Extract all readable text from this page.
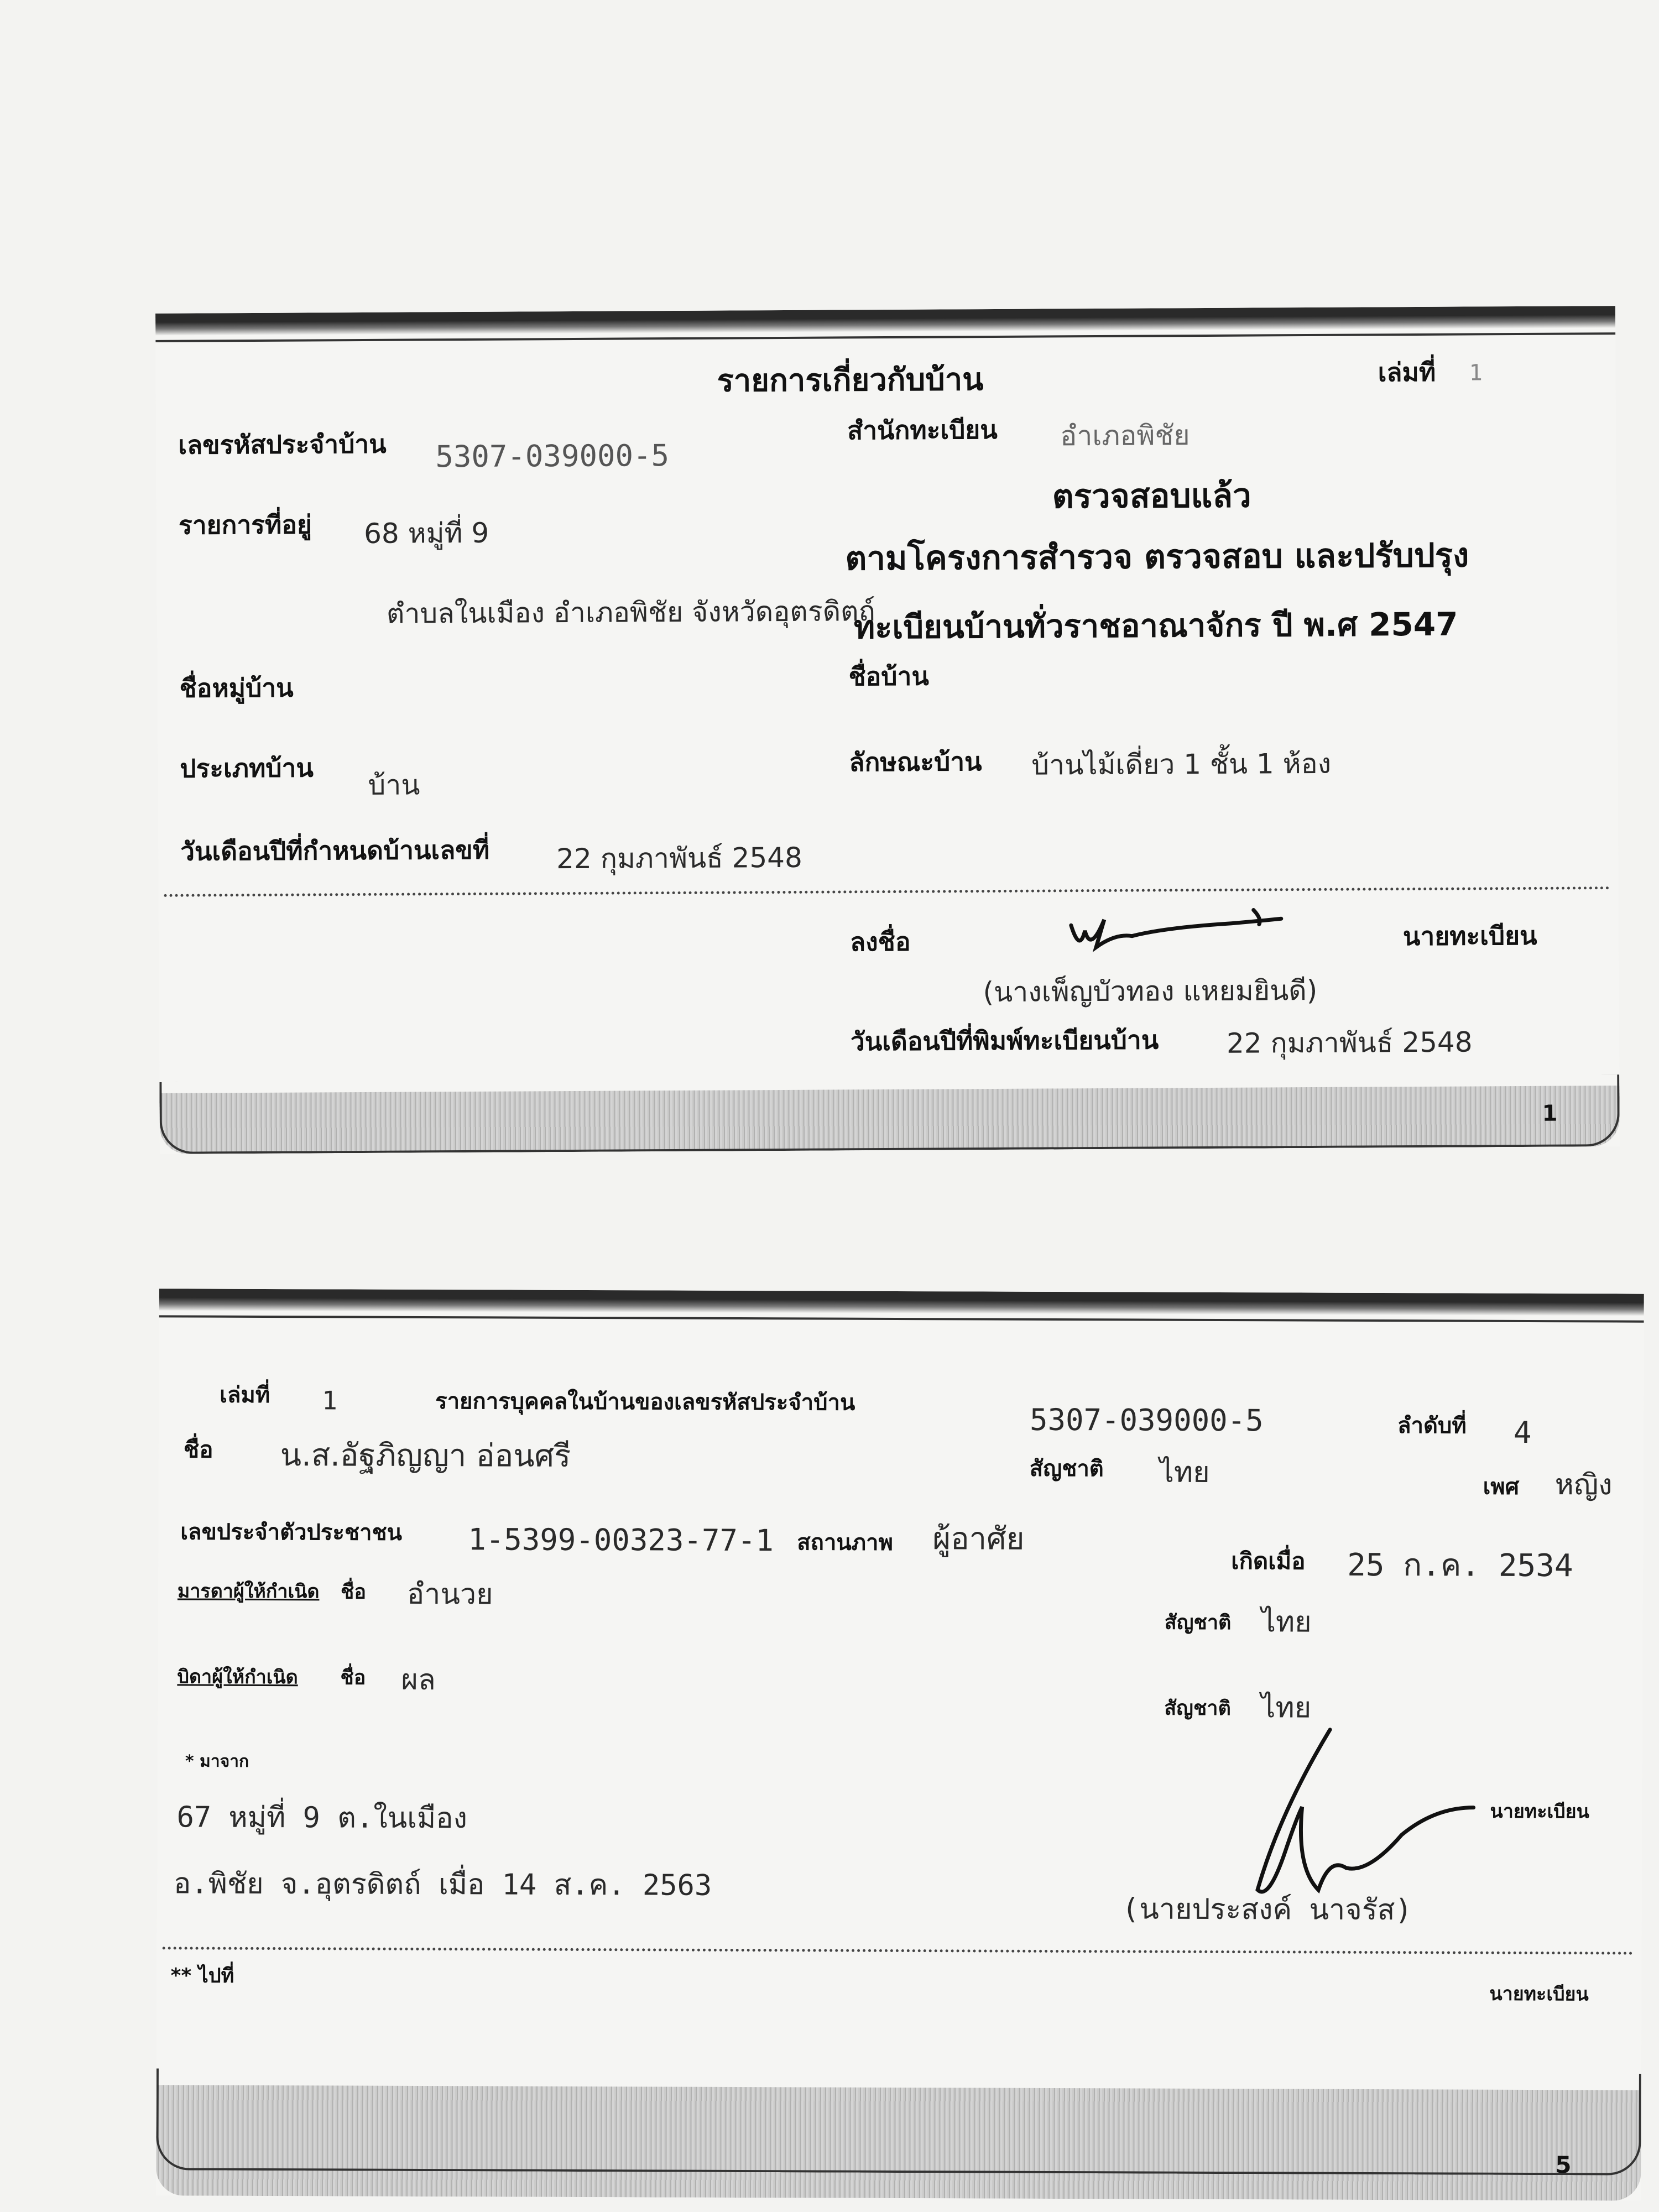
รายการเกี่ยวกับบ้าน	เล่มที่ 1
เลขรหัสประจำบ้าน 5307-039000-5
สำนักทะเบียน อำเภอพิชัย
ตรวจสอบแล้ว
รายการที่อยู่ 68 หมู่ที่ 9
ตามโครงการสำรวจ ตรวจสอบ และปรับปรุง
ตำบลในเมือง อำเภอพิชัย จังหวัดอุตรดิตถ์
ทะเบียนบ้านทั่วราชอาณาจักร ปี พ.ศ 2547
ชื่อหมู่บ้าน	ชื่อบ้าน
ประเภทบ้าน
บ้าน
ลักษณะบ้าน บ้านไม้เดี่ยว 1 ชั้น 1 ห้อง
วันเดือนปีที่กำหนดบ้านเลขที่ 22 กุมภาพันธ์ 2548
ลงชื่อ	นายทะเบียน
(นางเพ็ญบัวทอง แหยมยินดี)
วันเดือนปีที่พิมพ์ทะเบียนบ้าน 22 กุมภาพันธ์ 2548
1
เล่มที่ 1	รายการบุคคลในบ้านของเลขรหัสประจำบ้าน
5307-039000-5	ลำดับที่ 4
ชื่อ น.ส.อัฐภิญญา อ่อนศรี	สัญชาติ ไทย	เพศ หญิง
เลขประจำตัวประชาชน 1-5399-00323-77-1 สถานภาพ ผู้อาศัย
เกิดเมื่อ 25 ก.ค. 2534
มารดาผู้ให้กำเนิด ชื่อ อำนวย
สัญชาติ ไทย
บิดาผู้ให้กำเนิด ชื่อ ผล
สัญชาติ ไทย
* มาจาก
67 หมู่ที่ 9 ต.ในเมือง
อ.พิชัย จ.อุตรดิตถ์ เมื่อ 14 ส.ค. 2563
นายทะเบียน
(นายประสงค์ นาจรัส)
** ไปที่
นายทะเบียน
5
